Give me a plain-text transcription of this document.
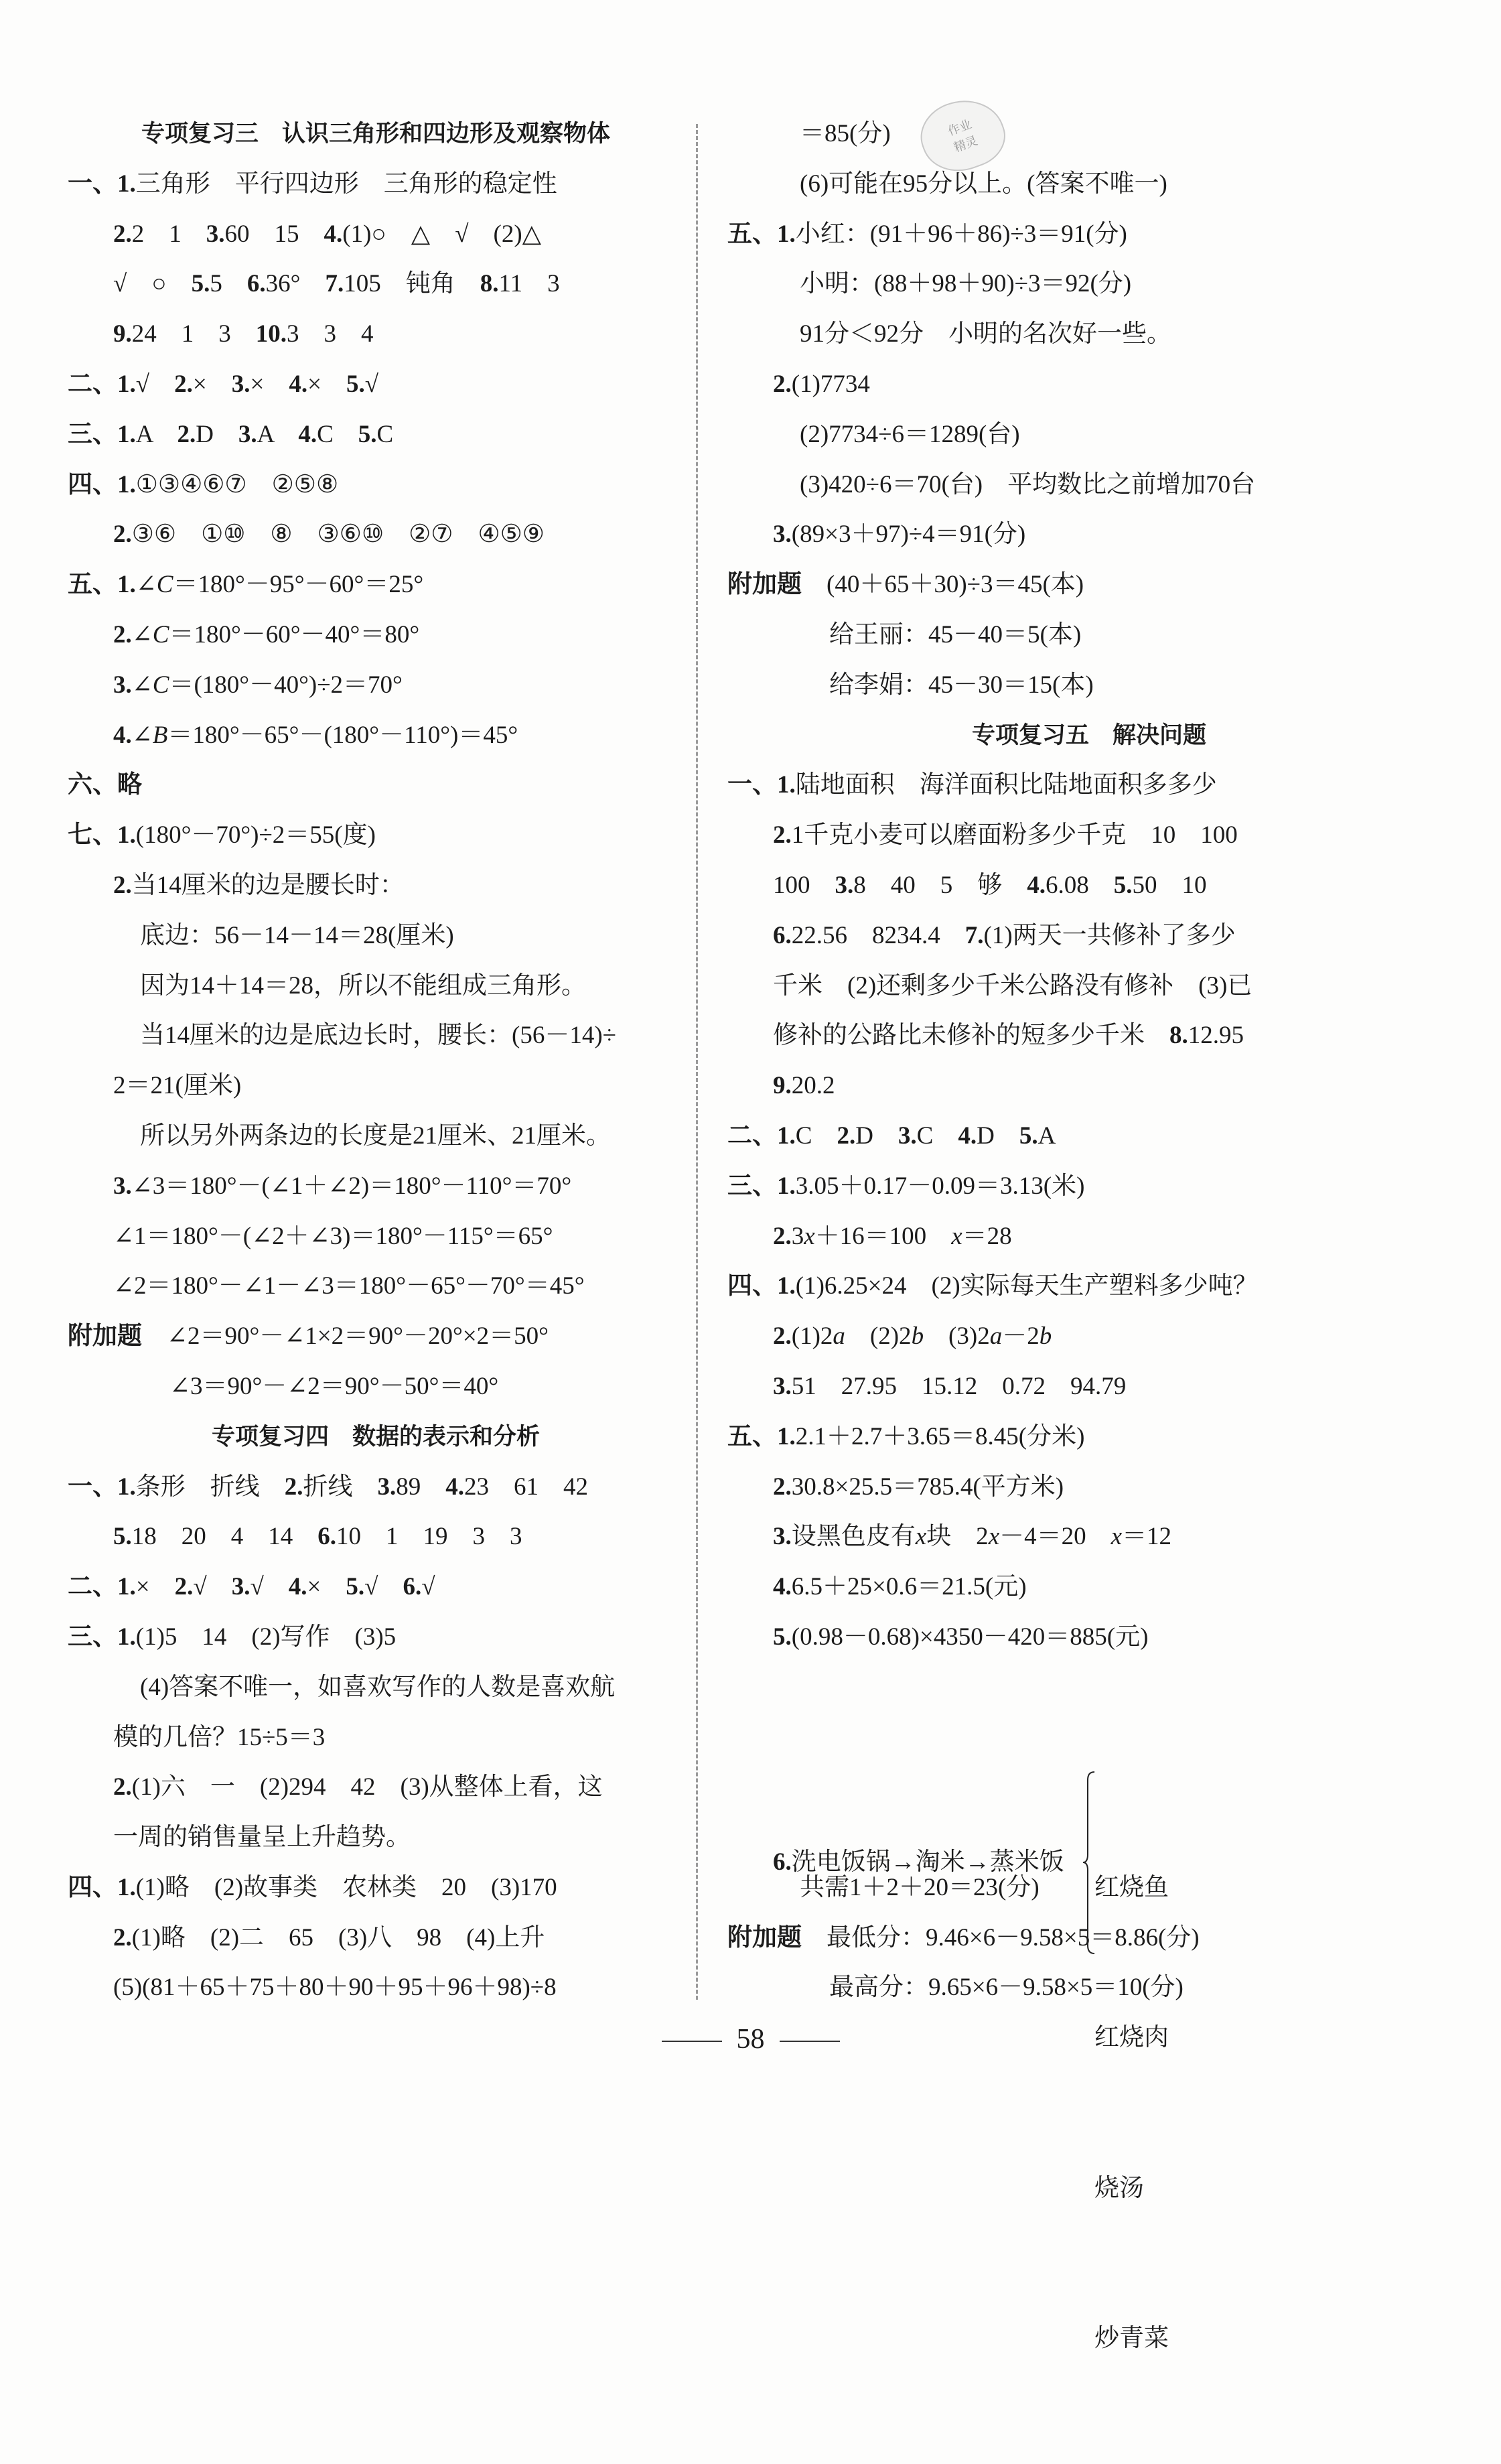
专项复习三　认识三角形和四边形及观察物体
一、1.三角形　平行四边形　三角形的稳定性
2.2　1　3.60　15　4.(1)○　△　√　(2)△
√　○　5.5　6.36°　7.105　钝角　8.11　3
9.24　1　3　10.3　3　4
二、1.√　2.×　3.×　4.×　5.√
三、1.A　2.D　3.A　4.C　5.C
四、1.①③④⑥⑦　②⑤⑧
2.③⑥　①⑩　⑧　③⑥⑩　②⑦　④⑤⑨
五、1.∠C＝180°－95°－60°＝25°
2.∠C＝180°－60°－40°＝80°
3.∠C＝(180°－40°)÷2＝70°
4.∠B＝180°－65°－(180°－110°)＝45°
六、略
七、1.(180°－70°)÷2＝55(度)
2.当14厘米的边是腰长时：
底边：56－14－14＝28(厘米)
因为14＋14＝28，所以不能组成三角形。
当14厘米的边是底边长时，腰长：(56－14)÷
2＝21(厘米)
所以另外两条边的长度是21厘米、21厘米。
3.∠3＝180°－(∠1＋∠2)＝180°－110°＝70°
∠1＝180°－(∠2＋∠3)＝180°－115°＝65°
∠2＝180°－∠1－∠3＝180°－65°－70°＝45°
附加题　∠2＝90°－∠1×2＝90°－20°×2＝50°
∠3＝90°－∠2＝90°－50°＝40°
专项复习四　数据的表示和分析
一、1.条形　折线　2.折线　3.89　4.23　61　42
5.18　20　4　14　6.10　1　19　3　3
二、1.×　2.√　3.√　4.×　5.√　6.√
三、1.(1)5　14　(2)写作　(3)5
(4)答案不唯一，如喜欢写作的人数是喜欢航
模的几倍？15÷5＝3
2.(1)六　一　(2)294　42　(3)从整体上看，这
一周的销售量呈上升趋势。
四、1.(1)略　(2)故事类　农林类　20　(3)170
2.(1)略　(2)二　65　(3)八　98　(4)上升
(5)(81＋65＋75＋80＋90＋95＋96＋98)÷8
＝85(分)
(6)可能在95分以上。(答案不唯一)
五、1.小红：(91＋96＋86)÷3＝91(分)
小明：(88＋98＋90)÷3＝92(分)
91分＜92分　小明的名次好一些。
2.(1)7734
(2)7734÷6＝1289(台)
(3)420÷6＝70(台)　平均数比之前增加70台
3.(89×3＋97)÷4＝91(分)
附加题　(40＋65＋30)÷3＝45(本)
给王丽：45－40＝5(本)
给李娟：45－30＝15(本)
专项复习五　解决问题
一、1.陆地面积　海洋面积比陆地面积多多少
2.1千克小麦可以磨面粉多少千克　10　100
100　3.8　40　5　够　4.6.08　5.50　10
6.22.56　8234.4　7.(1)两天一共修补了多少
千米　(2)还剩多少千米公路没有修补　(3)已
修补的公路比未修补的短多少千米　8.12.95
9.20.2
二、1.C　2.D　3.C　4.D　5.A
三、1.3.05＋0.17－0.09＝3.13(米)
2.3x＋16＝100　x＝28
四、1.(1)6.25×24　(2)实际每天生产塑料多少吨？
2.(1)2a　(2)2b　(3)2a－2b
3.51　27.95　15.12　0.72　94.79
五、1.2.1＋2.7＋3.65＝8.45(分米)
2.30.8×25.5＝785.4(平方米)
3.设黑色皮有x块　2x－4＝20　x＝12
4.6.5＋25×0.6＝21.5(元)
5.(0.98－0.68)×4350－420＝885(元)

6.洗电饭锅→淘米→蒸米饭

红烧鱼

红烧肉

烧汤

炒青菜

共需1＋2＋20＝23(分)
附加题　最低分：9.46×6－9.58×5＝8.86(分)
最高分：9.65×6－9.58×5＝10(分)
作业
精灵
58
